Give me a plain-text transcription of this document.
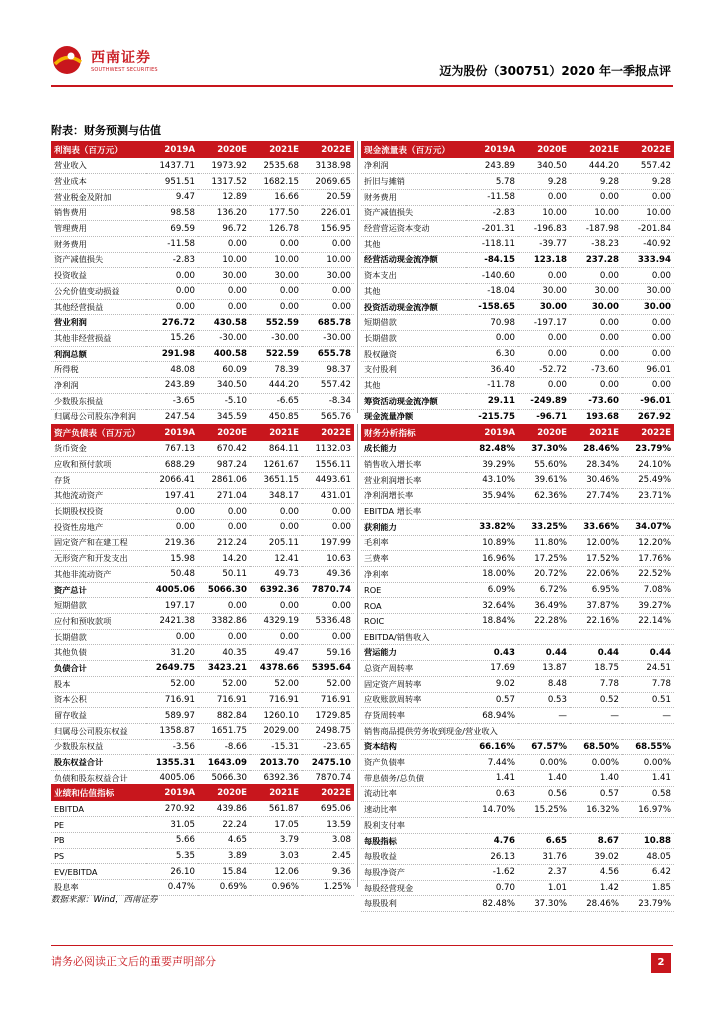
西南证券
SOUTHWEST SECURITIES	迈为股份（300751）2020 年一季报点评
附表：财务预测与估值
利润表（百万元）	2019A	2020E	2021E	2022E
营业收入	1437.71	1973.92	2535.68	3138.98
营业成本	951.51	1317.52	1682.15	2069.65
营业税金及附加	9.47	12.89	16.66	20.59
销售费用	98.58	136.20	177.50	226.01
管理费用	69.59	96.72	126.78	156.95
财务费用	-11.58	0.00	0.00	0.00
资产减值损失	-2.83	10.00	10.00	10.00
投资收益	0.00	30.00	30.00	30.00
公允价值变动损益	0.00	0.00	0.00	0.00
其他经营损益	0.00	0.00	0.00	0.00
营业利润	276.72	430.58	552.59	685.78
其他非经营损益	15.26	-30.00	-30.00	-30.00
利润总额	291.98	400.58	522.59	655.78
所得税	48.08	60.09	78.39	98.37
净利润	243.89	340.50	444.20	557.42
少数股东损益	-3.65	-5.10	-6.65	-8.34
归属母公司股东净利润	247.54	345.59	450.85	565.76
现金流量表（百万元）	2019A	2020E	2021E	2022E
净利润	243.89	340.50	444.20	557.42
折旧与摊销	5.78	9.28	9.28	9.28
财务费用	-11.58	0.00	0.00	0.00
资产减值损失	-2.83	10.00	10.00	10.00
经营营运资本变动	-201.31	-196.83	-187.98	-201.84
其他	-118.11	-39.77	-38.23	-40.92
经营活动现金流净额	-84.15	123.18	237.28	333.94
资本支出	-140.60	0.00	0.00	0.00
其他	-18.04	30.00	30.00	30.00
投资活动现金流净额	-158.65	30.00	30.00	30.00
短期借款	70.98	-197.17	0.00	0.00
长期借款	0.00	0.00	0.00	0.00
股权融资	6.30	0.00	0.00	0.00
支付股利	36.40	-52.72	-73.60	96.01
其他	-11.78	0.00	0.00	0.00
筹资活动现金流净额	29.11	-249.89	-73.60	-96.01
现金流量净额	-215.75	-96.71	193.68	267.92
资产负债表（百万元）	2019A	2020E	2021E	2022E
货币资金	767.13	670.42	864.11	1132.03
应收和预付款项	688.29	987.24	1261.67	1556.11
存货	2066.41	2861.06	3651.15	4493.61
其他流动资产	197.41	271.04	348.17	431.01
长期股权投资	0.00	0.00	0.00	0.00
投资性房地产	0.00	0.00	0.00	0.00
固定资产和在建工程	219.36	212.24	205.11	197.99
无形资产和开发支出	15.98	14.20	12.41	10.63
其他非流动资产	50.48	50.11	49.73	49.36
资产总计	4005.06	5066.30	6392.36	7870.74
短期借款	197.17	0.00	0.00	0.00
应付和预收款项	2421.38	3382.86	4329.19	5336.48
长期借款	0.00	0.00	0.00	0.00
其他负债	31.20	40.35	49.47	59.16
负债合计	2649.75	3423.21	4378.66	5395.64
股本	52.00	52.00	52.00	52.00
资本公积	716.91	716.91	716.91	716.91
留存收益	589.97	882.84	1260.10	1729.85
归属母公司股东权益	1358.87	1651.75	2029.00	2498.75
少数股东权益	-3.56	-8.66	-15.31	-23.65
股东权益合计	1355.31	1643.09	2013.70	2475.10
负债和股东权益合计	4005.06	5066.30	6392.36	7870.74
业绩和估值指标	2019A	2020E	2021E	2022E
EBITDA	270.92	439.86	561.87	695.06
PE	31.05	22.24	17.05	13.59
PB	5.66	4.65	3.79	3.08
PS	5.35	3.89	3.03	2.45
EV/EBITDA	26.10	15.84	12.06	9.36
股息率	0.47%	0.69%	0.96%	1.25%
财务分析指标	2019A	2020E	2021E	2022E
成长能力	82.48%	37.30%	28.46%	23.79%
销售收入增长率	39.29%	55.60%	28.34%	24.10%
营业利润增长率	43.10%	39.61%	30.46%	25.49%
净利润增长率	35.94%	62.36%	27.74%	23.71%
EBITDA 增长率				
获利能力	33.82%	33.25%	33.66%	34.07%
毛利率	10.89%	11.80%	12.00%	12.20%
三费率	16.96%	17.25%	17.52%	17.76%
净利率	18.00%	20.72%	22.06%	22.52%
ROE	6.09%	6.72%	6.95%	7.08%
ROA	32.64%	36.49%	37.87%	39.27%
ROIC	18.84%	22.28%	22.16%	22.14%
EBITDA/销售收入				
营运能力	0.43	0.44	0.44	0.44
总资产周转率	17.69	13.87	18.75	24.51
固定资产周转率	9.02	8.48	7.78	7.78
应收账款周转率	0.57	0.53	0.52	0.51
存货周转率	68.94%	—	—	—
销售商品提供劳务收到现金/营业收入				
资本结构	66.16%	67.57%	68.50%	68.55%
资产负债率	7.44%	0.00%	0.00%	0.00%
带息债务/总负债	1.41	1.40	1.40	1.41
流动比率	0.63	0.56	0.57	0.58
速动比率	14.70%	15.25%	16.32%	16.97%
股利支付率				
每股指标	4.76	6.65	8.67	10.88
每股收益	26.13	31.76	39.02	48.05
每股净资产	-1.62	2.37	4.56	6.42
每股经营现金	0.70	1.01	1.42	1.85
每股股利	82.48%	37.30%	28.46%	23.79%
数据来源：Wind，西南证券
请务必阅读正文后的重要声明部分	2
